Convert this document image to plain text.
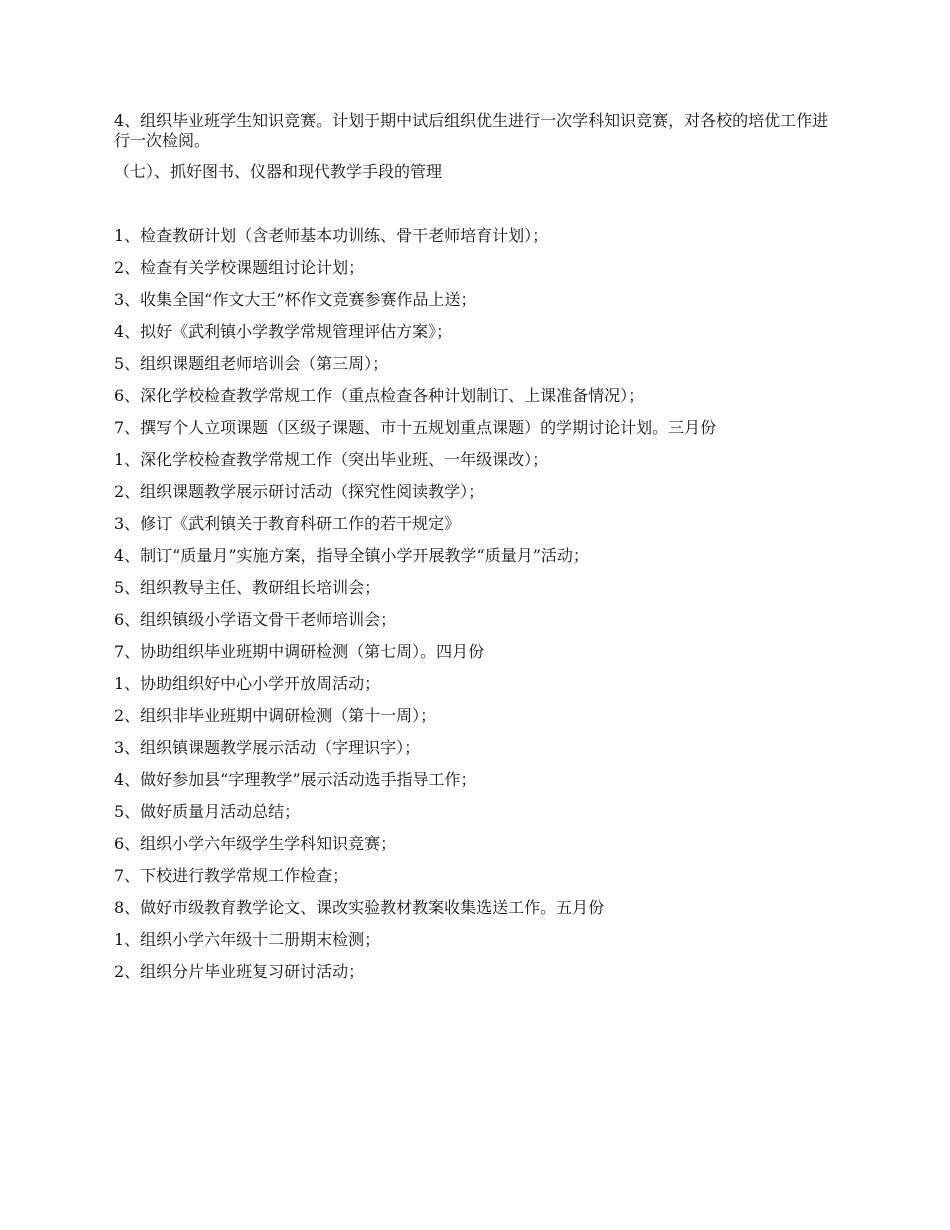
4、组织毕业班学生知识竞赛。计划于期中试后组织优生进行一次学科知识竞赛，对各校的培优工作进行一次检阅。

（七）、抓好图书、仪器和现代教学手段的管理

1、检查教研计划（含老师基本功训练、骨干老师培育计划）；
2、检查有关学校课题组讨论计划；
3、收集全国“作文大王”杯作文竞赛参赛作品上送；
4、拟好《武利镇小学教学常规管理评估方案》；
5、组织课题组老师培训会（第三周）；
6、深化学校检查教学常规工作（重点检查各种计划制订、上课准备情况）；
7、撰写个人立项课题（区级子课题、市十五规划重点课题）的学期讨论计划。三月份
1、深化学校检查教学常规工作（突出毕业班、一年级课改）；
2、组织课题教学展示研讨活动（探究性阅读教学）；
3、修订《武利镇关于教育科研工作的若干规定》
4、制订“质量月”实施方案，指导全镇小学开展教学“质量月”活动；
5、组织教导主任、教研组长培训会；
6、组织镇级小学语文骨干老师培训会；
7、协助组织毕业班期中调研检测（第七周）。四月份
1、协助组织好中心小学开放周活动；
2、组织非毕业班期中调研检测（第十一周）；
3、组织镇课题教学展示活动（字理识字）；
4、做好参加县“字理教学”展示活动选手指导工作；
5、做好质量月活动总结；
6、组织小学六年级学生学科知识竞赛；
7、下校进行教学常规工作检查；
8、做好市级教育教学论文、课改实验教材教案收集选送工作。五月份
1、组织小学六年级十二册期末检测；
2、组织分片毕业班复习研讨活动；
